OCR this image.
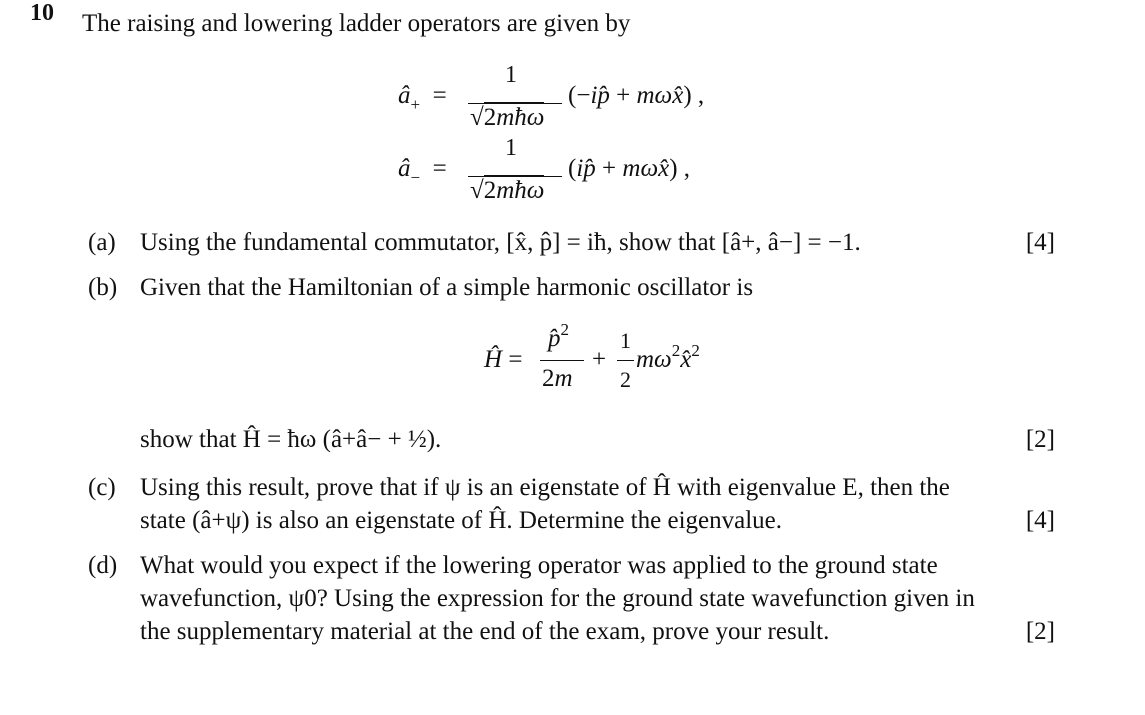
10 The raising and lowering ladder operators are given by
$â_+$  =
1
√2mħω
(−ip̂ + mωx̂) ,
$â_-$  =
1
√2mħω
(ip̂ + mωx̂) ,
(a) Using the fundamental commutator, [x̂, p̂] = iħ, show that [â+, â−] = −1.	[4]
(b) Given that the Hamiltonian of a simple harmonic oscillator is
Ĥ =
p̂$^2$
2m
+
1
2
$m\omega^2x̂^2$
show that Ĥ = ħω (â+â− + ½).	[2]
(c) Using this result, prove that if ψ is an eigenstate of Ĥ with eigenvalue E, then the
state (â+ψ) is also an eigenstate of Ĥ. Determine the eigenvalue.	[4]
(d) What would you expect if the lowering operator was applied to the ground state
wavefunction, ψ0? Using the expression for the ground state wavefunction given in
the supplementary material at the end of the exam, prove your result.	[2]
